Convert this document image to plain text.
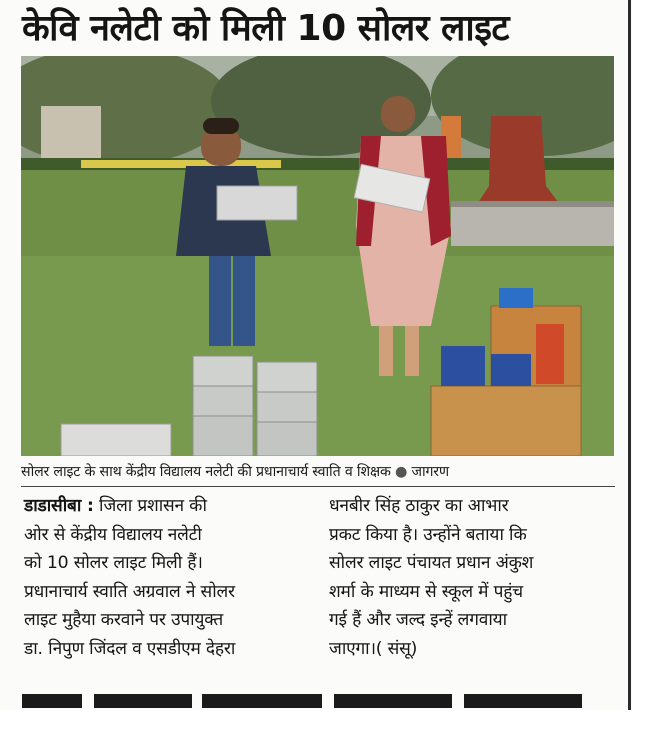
केवि नलेटी को मिली 10 सोलर लाइट
सोलर लाइट के साथ केंद्रीय विद्यालय नलेटी की प्रधानाचार्य स्वाति व शिक्षक ● जागरण
डाडासीबा : जिला प्रशासन की
ओर से केंद्रीय विद्यालय नलेटी
को 10 सोलर लाइट मिली हैं।
प्रधानाचार्य स्वाति अग्रवाल ने सोलर
लाइट मुहैया करवाने पर उपायुक्त
डा. निपुण जिंदल व एसडीएम देहरा
धनबीर सिंह ठाकुर का आभार
प्रकट किया है। उन्होंने बताया कि
सोलर लाइट पंचायत प्रधान अंकुश
शर्मा के माध्यम से स्कूल में पहुंच
गई हैं और जल्द इन्हें लगवाया
जाएगा।( संसू)
